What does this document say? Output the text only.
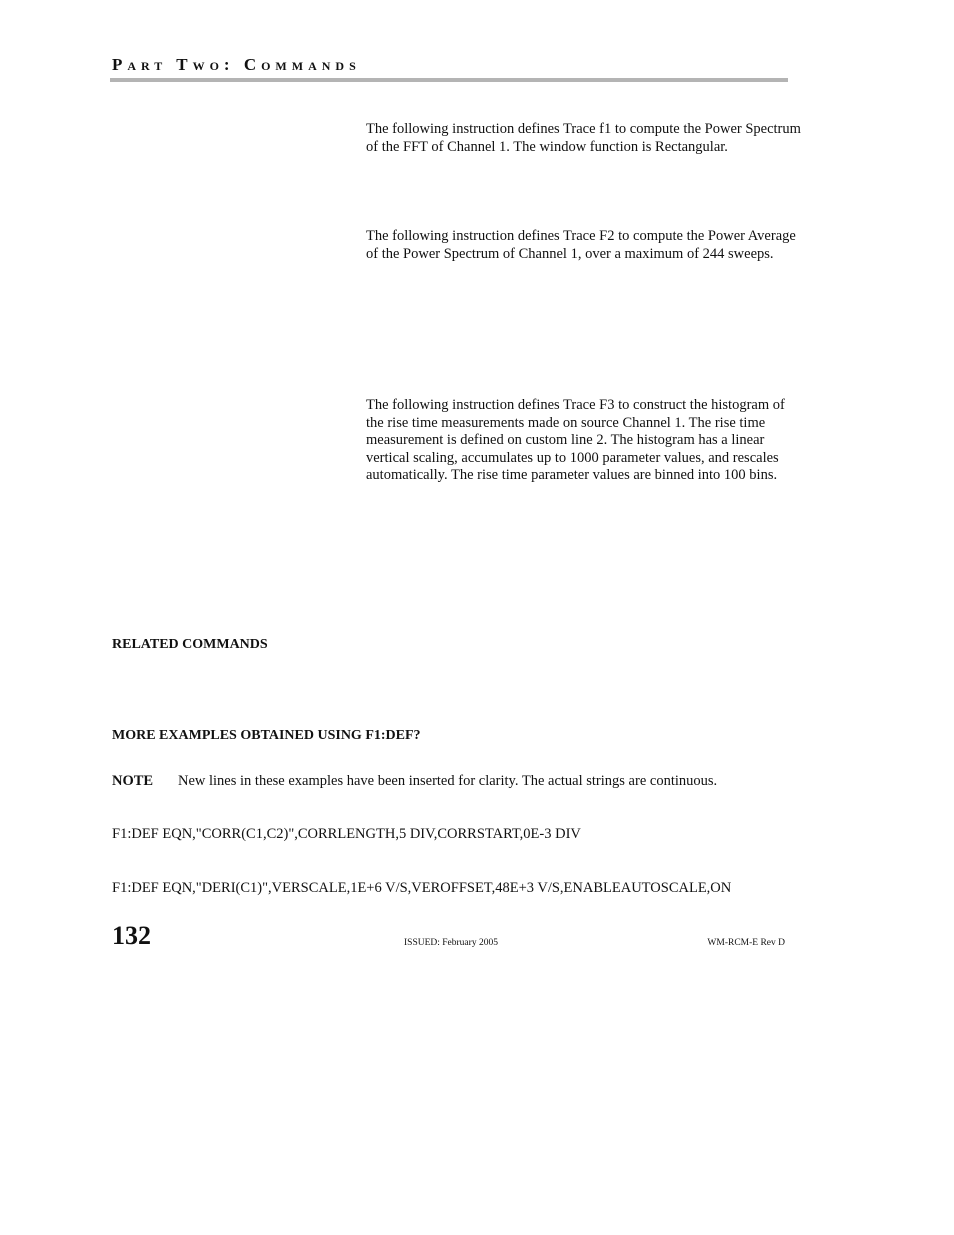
Part Two: Commands
The following instruction defines Trace f1 to compute the Power Spectrum of the FFT of Channel 1. The window function is Rectangular.
The following instruction defines Trace F2 to compute the Power Average of the Power Spectrum of Channel 1, over a maximum of 244 sweeps.
The following instruction defines Trace F3 to construct the histogram of the rise time measurements made on source Channel 1. The rise time measurement is defined on custom line 2. The histogram has a linear vertical scaling, accumulates up to 1000 parameter values, and rescales automatically. The rise time parameter values are binned into 100 bins.
RELATED COMMANDS
MORE EXAMPLES OBTAINED USING F1:DEF?
NOTE New lines in these examples have been inserted for clarity. The actual strings are continuous.
F1:DEF EQN,"CORR(C1,C2)",CORRLENGTH,5 DIV,CORRSTART,0E-3 DIV
F1:DEF EQN,"DERI(C1)",VERSCALE,1E+6 V/S,VEROFFSET,48E+3 V/S,ENABLEAUTOSCALE,ON
132	ISSUED: February 2005	WM-RCM-E Rev D
